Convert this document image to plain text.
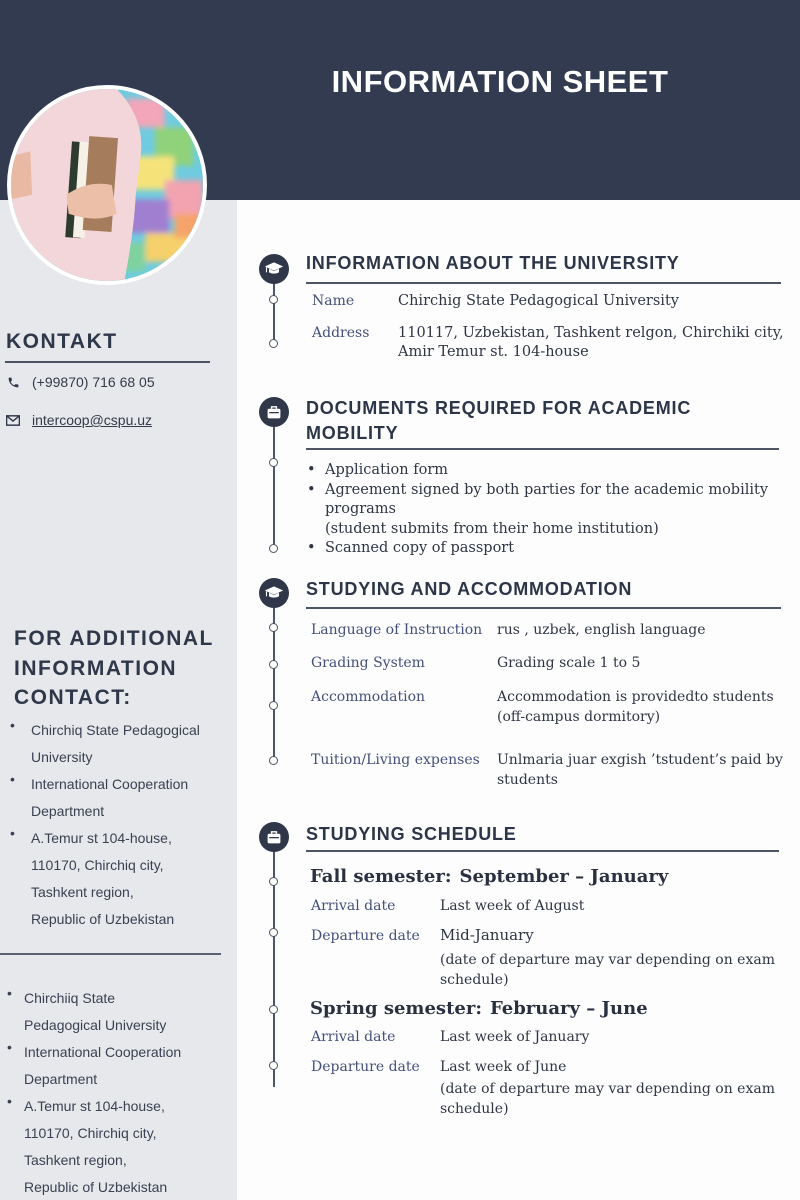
INFORMATION SHEET
KONTAKT
(+99870) 716 68 05
intercoop@cspu.uz
FOR ADDITIONAL
INFORMATION
CONTACT:
• Chirchiq State Pedagogical
University
• International Cooperation
Department
• A.Temur st 104-house,
110170, Chirchiq city,
Tashkent region,
Republic of Uzbekistan
• Chirchiiq State
Pedagogical University
• International Cooperation
Department
• A.Temur st 104-house,
110170, Chirchiq city,
Tashkent region,
Republic of Uzbekistan
INFORMATION ABOUT THE UNIVERSITY
Name	Chirchig State Pedagogical University
Address 110117, Uzbekistan, Tashkent relgon, Chirchiki city,
Amir Temur st. 104-house
DOCUMENTS REQUIRED FOR ACADEMIC
MOBILITY
• Application form
• Agreement signed by both parties for the academic mobility programs
(student submits from their home institution)
• Scanned copy of passport
STUDYING AND ACCOMMODATION
Language of Instruction rus , uzbek, english language
Grading System	Grading scale 1 to 5
Accommodation	Accommodation is providedto students
(off-campus dormitory)
Tuition/Living expenses Unlmaria juar exgish ’tstudent’s paid by
students
STUDYING SCHEDULE
Fall semester: September – January
Arrival date	Last week of August
Departure date Mid-January
(date of departure may var depending on exam
schedule)
Spring semester: February – June
Arrival date	Last week of January
Departure date Last week of June
(date of departure may var depending on exam
schedule)
